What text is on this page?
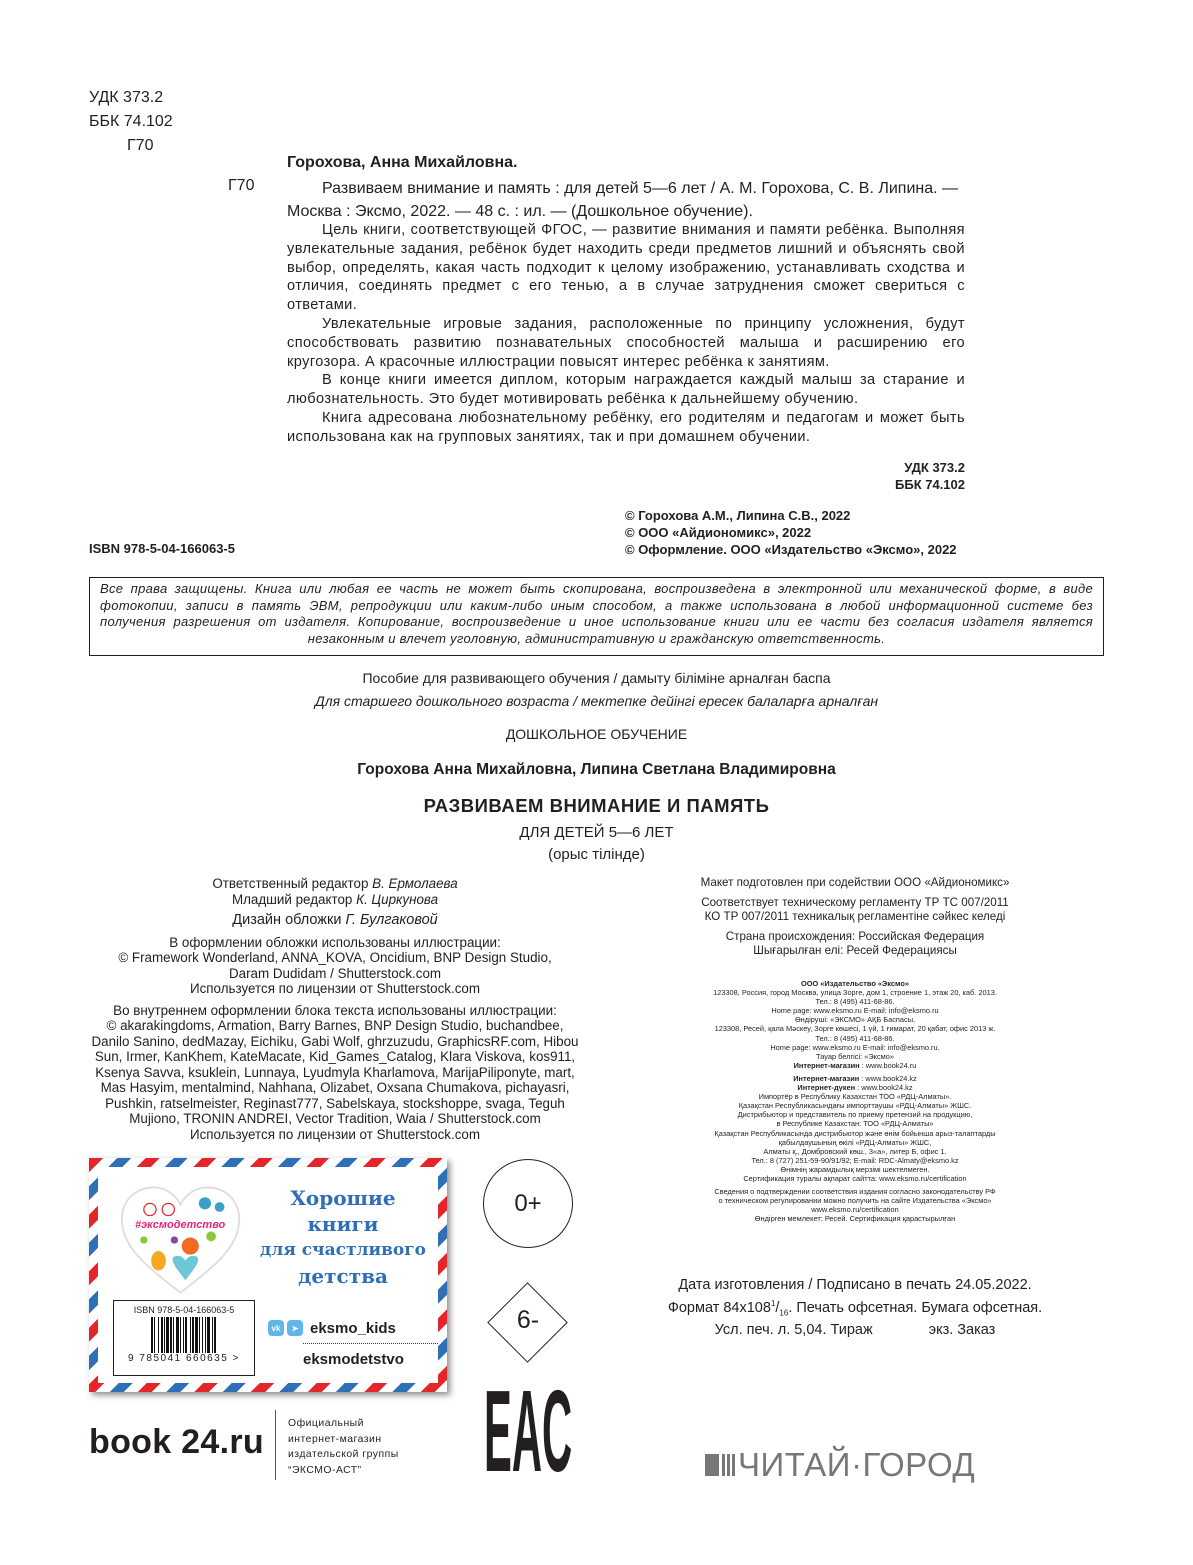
УДК 373.2
ББК 74.102
Г70
Горохова, Анна Михайловна.
Г70	Развиваем внимание и память : для детей 5—6 лет / А. М. Горохова, С. В. Липина. —
Москва : Эксмо, 2022. — 48 с. : ил. — (Дошкольное обучение).

Цель книги, соответствующей ФГОС, — развитие внимания и памяти ребёнка. Выполняя увлекательные задания, ребёнок будет находить среди предметов лишний и объяснять свой выбор, определять, какая часть подходит к целому изображению, устанавливать сходства и отличия, соединять предмет с его тенью, а в случае затруднения сможет свериться с ответами.

Увлекательные игровые задания, расположенные по принципу усложнения, будут способствовать развитию познавательных способностей малыша и расширению его кругозора. А красочные иллюстрации повысят интерес ребёнка к занятиям.

В конце книги имеется диплом, которым награждается каждый малыш за старание и любознательность. Это будет мотивировать ребёнка к дальнейшему обучению.

Книга адресована любознательному ребёнку, его родителям и педагогам и может быть использована как на групповых занятиях, так и при домашнем обучении.

УДК 373.2
ББК 74.102
© Горохова А.М., Липина С.В., 2022
© ООО «Айдиономикс», 2022
© Оформление. ООО «Издательство «Эксмо», 2022
ISBN 978-5-04-166063-5
Все права защищены. Книга или любая ее часть не может быть скопирована, воспроизведена в электронной или механической форме, в виде фотокопии, записи в память ЭВМ, репродукции или каким-либо иным способом, а также использована в любой информационной системе без получения разрешения от издателя. Копирование, воспроизведение и иное использование книги или ее части без согласия издателя является незаконным и влечет уголовную, административную и гражданскую ответственность.
Пособие для развивающего обучения / дамыту біліміне арналған баспа
Для старшего дошкольного возраста / мектепке дейінгі ересек балаларға арналған
ДОШКОЛЬНОЕ ОБУЧЕНИЕ
Горохова Анна Михайловна, Липина Светлана Владимировна
РАЗВИВАЕМ ВНИМАНИЕ И ПАМЯТЬ
ДЛЯ ДЕТЕЙ 5—6 ЛЕТ
(орыс тілінде)
Ответственный редактор В. Ермолаева
Младший редактор К. Циркунова
Дизайн обложки Г. Булгаковой
В оформлении обложки использованы иллюстрации:
© Framework Wonderland, ANNA_KOVA, Oncidium, BNP Design Studio,
Daram Dudidam / Shutterstock.com
Используется по лицензии от Shutterstock.com
Во внутреннем оформлении блока текста использованы иллюстрации:
© akarakingdoms, Armation, Barry Barnes, BNP Design Studio, buchandbee,
Danilo Sanino, dedMazay, Eichiku, Gabi Wolf, ghrzuzudu, GraphicsRF.com, Hibou
Sun, Irmer, KanKhem, KateMacate, Kid_Games_Catalog, Klara Viskova, kos911,
Ksenya Savva, ksuklein, Lunnaya, Lyudmyla Kharlamova, MarijaPiliponyte, mart,
Mas Hasyim, mentalmind, Nahhana, Olizabet, Oxsana Chumakova, pichayasri,
Pushkin, ratselmeister, Reginast777, Sabelskaya, stockshoppe, svaga, Teguh
Mujiono, TRONIN ANDREI, Vector Tradition, Waia / Shutterstock.com
Используется по лицензии от Shutterstock.com
Макет подготовлен при содействии ООО «Айдиономикс»
Соответствует техническому регламенту ТР ТС 007/2011
КО ТР 007/2011 техникалық регламентіне сәйкес келеді
Страна происхождения: Российская Федерация
Шығарылған елі: Ресей Федерациясы
ООО «Издательство «Эксмо»
123308, Россия, город Москва, улица Зорге, дом 1, строение 1, этаж 20, каб. 2013.
Тел.: 8 (495) 411-68-86.
Home page: www.eksmo.ru E-mail: info@eksmo.ru
Өндіруші: «ЭКСМО» АҚБ Баспасы,
123308, Ресей, қала Мәскеу, Зорге көшесі, 1 үй, 1 ғимарат, 20 қабат, офис 2013 ж.
Тел.: 8 (495) 411-68-86.
Home page: www.eksmo.ru E-mail: info@eksmo.ru.
Тауар белгісі: «Эксмо»
Интернет-магазин : www.book24.ru
Интернет-магазин : www.book24.kz
Интернет-дүкен : www.book24.kz
Импортёр в Республику Казахстан ТОО «РДЦ-Алматы».
Қазақстан Республикасындағы импорттаушы «РДЦ-Алматы» ЖШС.
Дистрибьютор и представитель по приему претензий на продукцию,
в Республике Казахстан: ТОО «РДЦ-Алматы»
Қазақстан Республикасында дистрибьютор және өнім бойынша арыз-талаптарды
қабылдаушының өкілі «РДЦ-Алматы» ЖШС,
Алматы қ., Домбровский көш., 3«а», литер Б, офис 1.
Тел.: 8 (727) 251-59-90/91/92; E-mail: RDC-Almaty@eksmo.kz
Өнімнің жарамдылық мерзімі шектелмеген.
Сертификация туралы ақпарат сайтта: www.eksmo.ru/certification
Сведения о подтверждении соответствия издания согласно законодательству РФ
о техническом регулировании можно получить на сайте Издательства «Эксмо»
www.eksmo.ru/certification
Өндірген мемлекет: Ресей. Сертификация қарастырылған
Дата изготовления / Подписано в печать 24.05.2022.
Формат $84x108^1/_{16}$. Печать офсетная. Бумага офсетная.
Усл. печ. л. 5,04. Тираж	экз. Заказ
#эксмодетство
ISBN 978-5-04-166063-5
9 785041 660635 >
Хорошие
книги
для счастливого
детства
vk	➤ eksmo_kids
eksmodetstvo
0+
6-
EAC
book 24.ru Официальный
интернет-магазин
издательской группы
“ЭКСМО-АСТ”	ЧИТАЙ·ГОРОД
